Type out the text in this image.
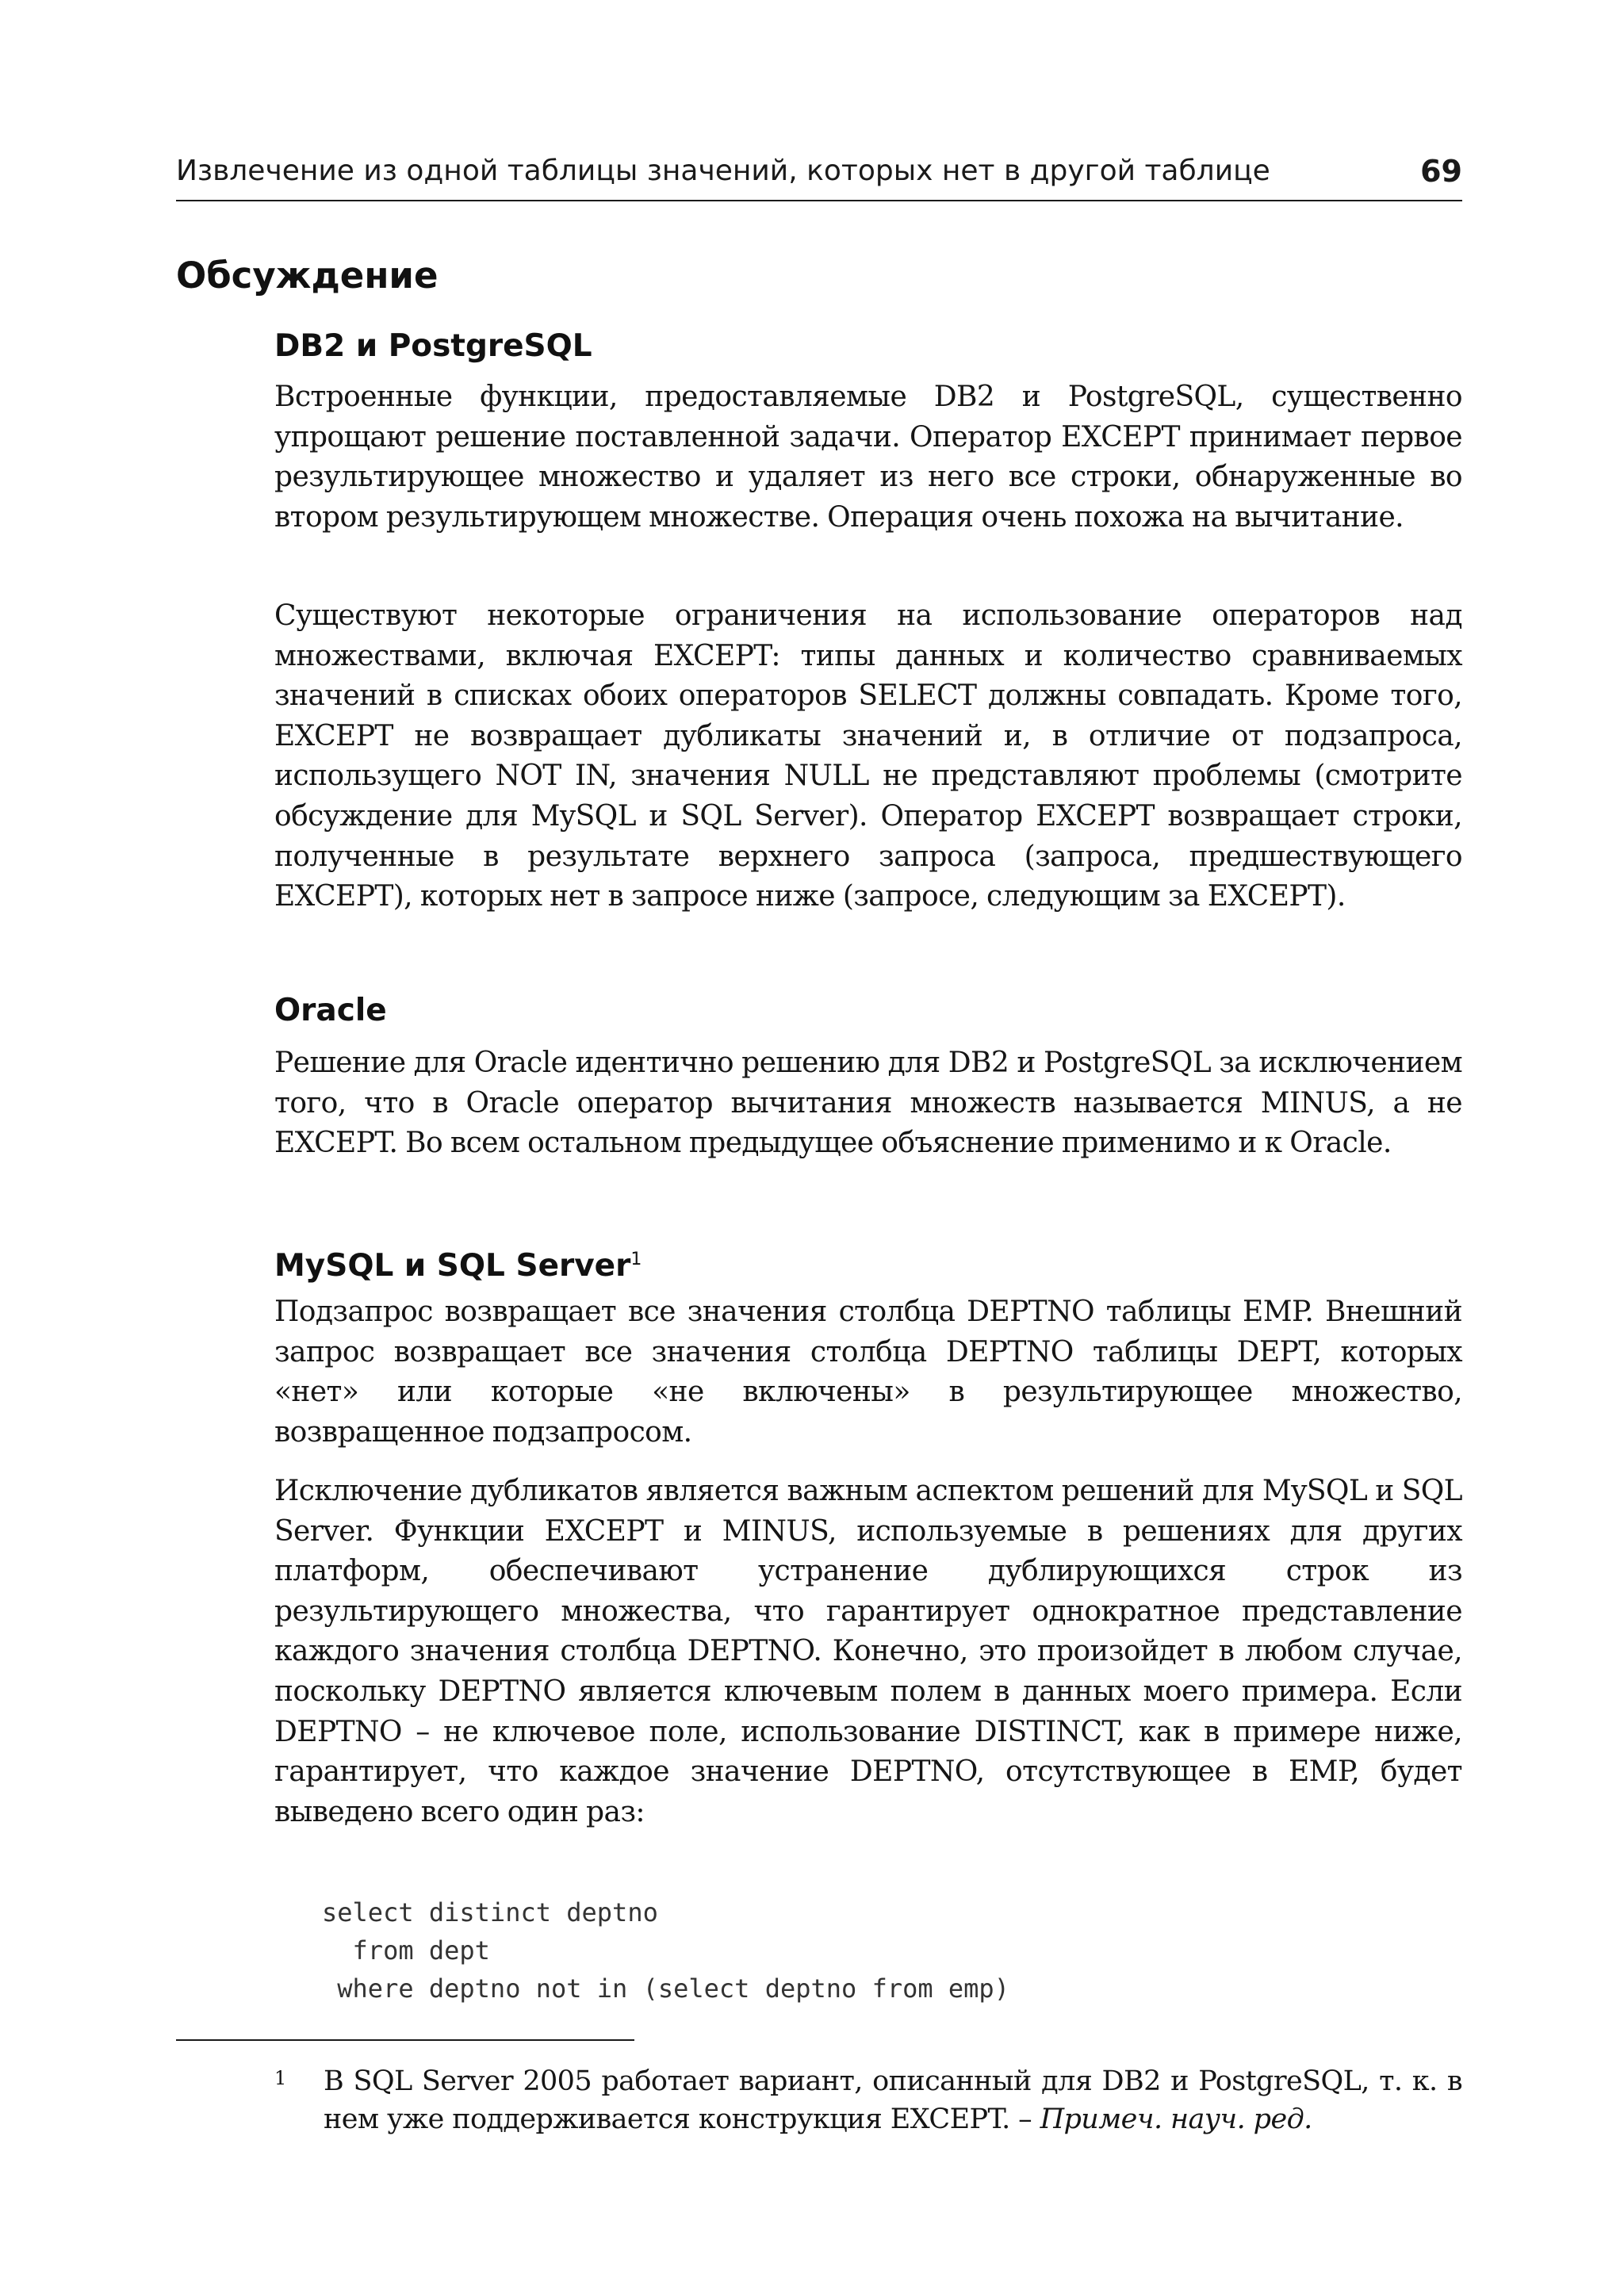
Извлечение из одной таблицы значений, которых нет в другой таблице	69
Обсуждение
DB2 и PostgreSQL
Встроенные функции, предоставляемые DB2 и PostgreSQL, существенно упрощают решение поставленной задачи. Оператор EXCEPT принимает первое результирующее множество и удаляет из него все строки, обнаруженные во втором результирующем множестве. Операция очень похожа на вычитание.
Существуют некоторые ограничения на использование операторов над множествами, включая EXCEPT: типы данных и количество сравниваемых значений в списках обоих операторов SELECT должны совпадать. Кроме того, EXCEPT не возвращает дубликаты значений и, в отличие от подзапроса, использущего NOT IN, значения NULL не представляют проблемы (смотрите обсуждение для MySQL и SQL Server). Оператор EXCEPT возвращает строки, полученные в результате верхнего запроса (запроса, предшествующего EXCEPT), которых нет в запросе ниже (запросе, следующим за EXCEPT).
Oracle
Решение для Oracle идентично решению для DB2 и PostgreSQL за исключением того, что в Oracle оператор вычитания множеств называется MINUS, а не EXCEPT. Во всем остальном предыдущее объяснение применимо и к Oracle.
MySQL и SQL Server$^1$
Подзапрос возвращает все значения столбца DEPTNO таблицы EMP. Внешний запрос возвращает все значения столбца DEPTNO таблицы DEPT, которых «нет» или которые «не включены» в результирующее множество, возвращенное подзапросом.
Исключение дубликатов является важным аспектом решений для MySQL и SQL Server. Функции EXCEPT и MINUS, используемые в решениях для других платформ, обеспечивают устранение дублирующихся строк из результирующего множества, что гарантирует однократное представление каждого значения столбца DEPTNO. Конечно, это произойдет в любом случае, поскольку DEPTNO является ключевым полем в данных моего примера. Если DEPTNO – не ключевое поле, использование DISTINCT, как в примере ниже, гарантирует, что каждое значение DEPTNO, отсутствующее в EMP, будет выведено всего один раз:
select distinct deptno
from dept
where deptno not in (select deptno from emp)
1 В SQL Server 2005 работает вариант, описанный для DB2 и PostgreSQL, т. к. в нем уже поддерживается конструкция EXCEPT. – Примеч. науч. ред.
